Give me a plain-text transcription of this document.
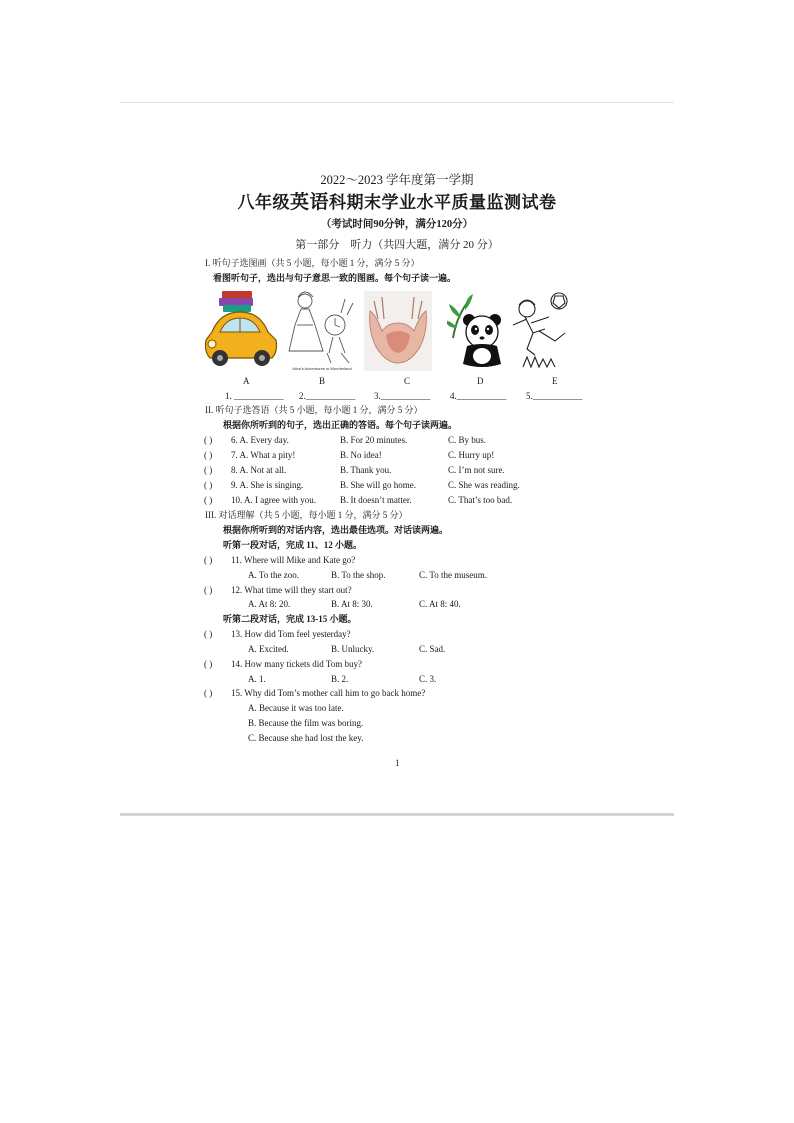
2022～2023 学年度第一学期
八年级英语科期末学业水平质量监测试卷
（考试时间90分钟，满分120分）
第一部分　听力（共四大题，满分 20 分）
I. 听句子选图画（共 5 小题，每小题 1 分，满分 5 分）
看图听句子，选出与句子意思一致的图画。每个句子读一遍。
Alice's Adventures in Wonderland
A	B	C	D	E
1. ___________ 2.___________ 3.___________ 4.___________ 5.___________
II. 听句子选答语（共 5 小题，每小题 1 分，满分 5 分）
根据你所听到的句子，选出正确的答语。每个句子读两遍。
( ) 6. A. Every day.	B. For 20 minutes.	C. By bus.
( ) 7. A. What a pity!	B. No idea!	C. Hurry up!
( ) 8. A. Not at all.	B. Thank you.	C. I’m not sure.
( ) 9. A. She is singing.	B. She will go home.	C. She was reading.
( ) 10. A. I agree with you.	B. It doesn’t matter.	C. That’s too bad.
III. 对话理解（共 5 小题，每小题 1 分，满分 5 分）
根据你所听到的对话内容，选出最佳选项。对话读两遍。
听第一段对话，完成 11、12 小题。
( ) 11. Where will Mike and Kate go?
A. To the zoo.	B. To the shop.	C. To the museum.
( ) 12. What time will they start out?
A. At 8: 20.	B. At 8: 30.	C. At 8: 40.
听第二段对话，完成 13-15 小题。
( ) 13. How did Tom feel yesterday?
A. Excited.	B. Unlucky.	C. Sad.
( ) 14. How many tickets did Tom buy?
A. 1.	B. 2.	C. 3.
( ) 15. Why did Tom’s mother call him to go back home?
A. Because it was too late.
B. Because the film was boring.
C. Because she had lost the key.
1
